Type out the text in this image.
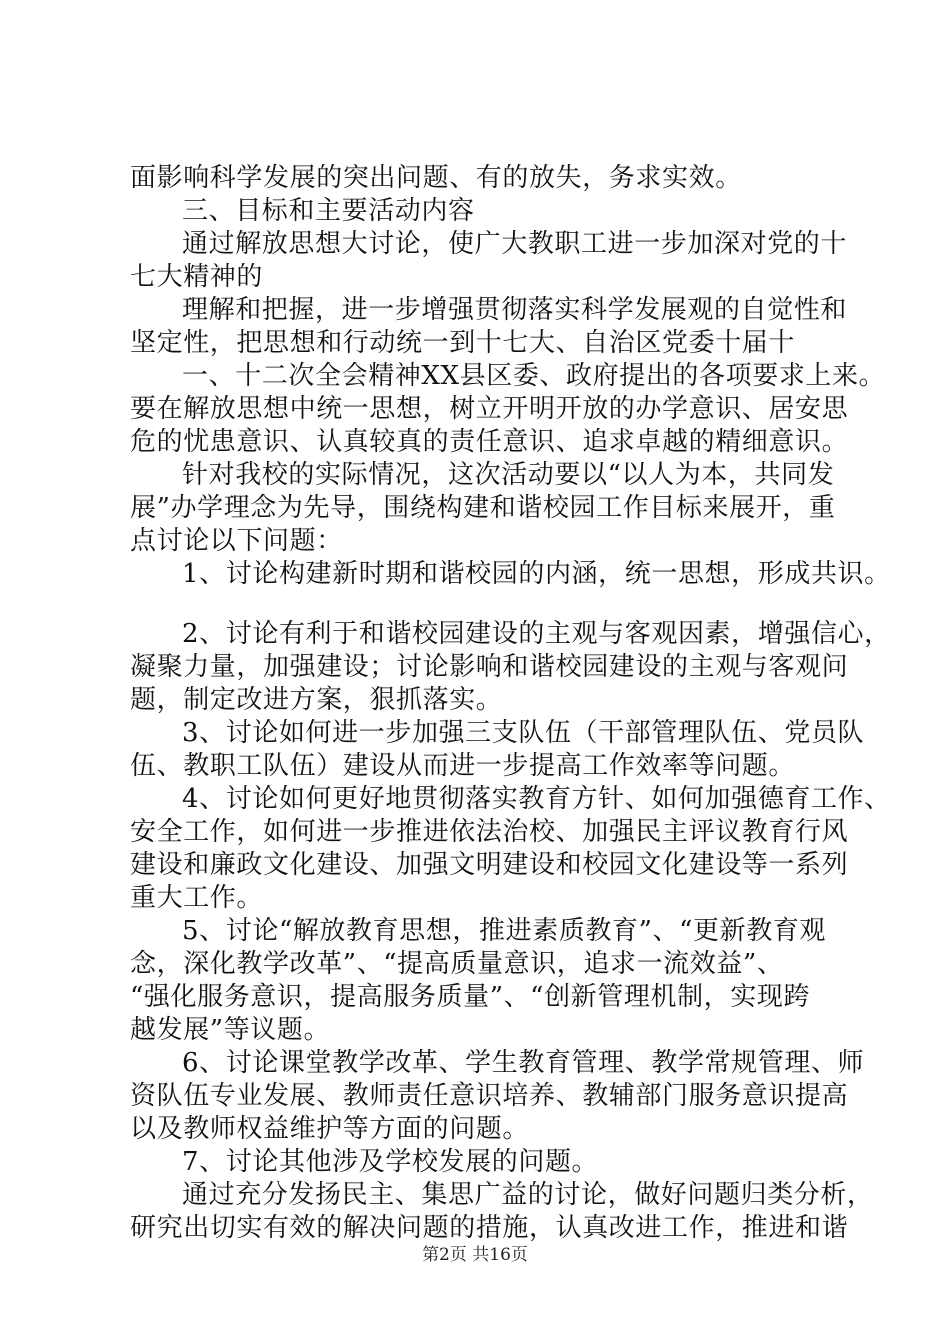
面影响科学发展的突出问题、有的放失，务求实效。
三、目标和主要活动内容
通过解放思想大讨论，使广大教职工进一步加深对党的十
七大精神的
理解和把握，进一步增强贯彻落实科学发展观的自觉性和
坚定性，把思想和行动统一到十七大、自治区党委十届十
一、十二次全会精神XX县区委、政府提出的各项要求上来。
要在解放思想中统一思想，树立开明开放的办学意识、居安思
危的忧患意识、认真较真的责任意识、追求卓越的精细意识。
针对我校的实际情况，这次活动要以“以人为本，共同发
展”办学理念为先导，围绕构建和谐校园工作目标来展开，重
点讨论以下问题：
1、讨论构建新时期和谐校园的内涵，统一思想，形成共识。
2、讨论有利于和谐校园建设的主观与客观因素，增强信心，
凝聚力量，加强建设；讨论影响和谐校园建设的主观与客观问
题，制定改进方案，狠抓落实。
3、讨论如何进一步加强三支队伍（干部管理队伍、党员队
伍、教职工队伍）建设从而进一步提高工作效率等问题。
4、讨论如何更好地贯彻落实教育方针、如何加强德育工作、
安全工作，如何进一步推进依法治校、加强民主评议教育行风
建设和廉政文化建设、加强文明建设和校园文化建设等一系列
重大工作。
5、讨论“解放教育思想，推进素质教育”、“更新教育观
念，深化教学改革”、“提高质量意识，追求一流效益”、
“强化服务意识，提高服务质量”、“创新管理机制，实现跨
越发展”等议题。
6、讨论课堂教学改革、学生教育管理、教学常规管理、师
资队伍专业发展、教师责任意识培养、教辅部门服务意识提高
以及教师权益维护等方面的问题。
7、讨论其他涉及学校发展的问题。
通过充分发扬民主、集思广益的讨论，做好问题归类分析，
研究出切实有效的解决问题的措施，认真改进工作，推进和谐
第2页 共16页
